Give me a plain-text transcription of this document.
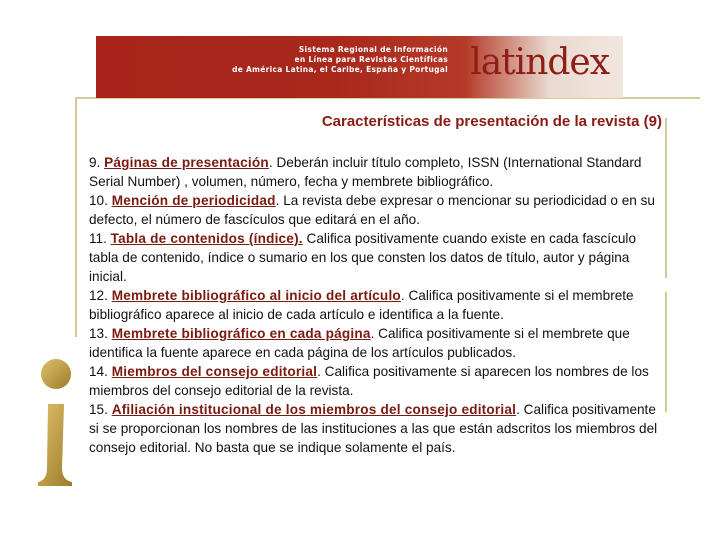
Sistema Regional de Información
en Línea para Revistas Científicas
de América Latina, el Caribe, España y Portugal latindex
Características de presentación de la revista (9)

9. Páginas de presentación. Deberán incluir título completo, ISSN (International Standard Serial Number) , volumen, número, fecha y membrete bibliográfico.

10. Mención de periodicidad. La revista debe expresar o mencionar su periodicidad o en su defecto, el número de fascículos que editará en el año.

11. Tabla de contenidos (índice). Califica positivamente cuando existe en cada fascículo tabla de contenido, índice o sumario en los que consten los datos de título, autor y página inicial.

12. Membrete bibliográfico al inicio del artículo. Califica positivamente si el membrete bibliográfico aparece al inicio de cada artículo e identifica a la fuente.

13. Membrete bibliográfico en cada página. Califica positivamente si el membrete que identifica la fuente aparece en cada página de los artículos publicados.

14. Miembros del consejo editorial. Califica positivamente si aparecen los nombres de los miembros del consejo editorial de la revista.

15. Afiliación institucional de los miembros del consejo editorial. Califica positivamente si se proporcionan los nombres de las instituciones a las que están adscritos los miembros del consejo editorial. No basta que se indique solamente el país.
